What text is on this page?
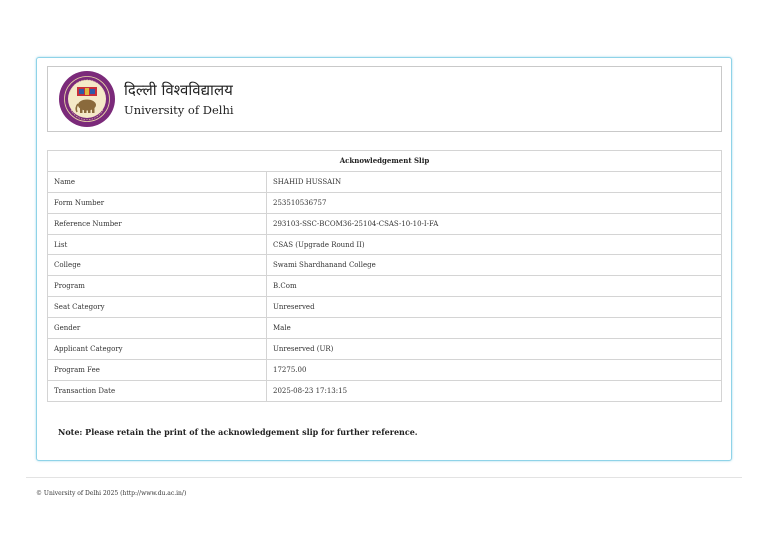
दिल्ली विश्वविद्यालय
University of Delhi
Acknowledgement Slip	
Name	SHAHID HUSSAIN
Form Number	253510536757
Reference Number	293103-SSC-BCOM36-25104-CSAS-10-10-I-FA
List	CSAS (Upgrade Round II)
College	Swami Shardhanand College
Program	B.Com
Seat Category	Unreserved
Gender	Male
Applicant Category	Unreserved (UR)
Program Fee	17275.00
Transaction Date	2025-08-23 17:13:15
Note: Please retain the print of the acknowledgement slip for further reference.
© University of Delhi 2025 (http://www.du.ac.in/)
